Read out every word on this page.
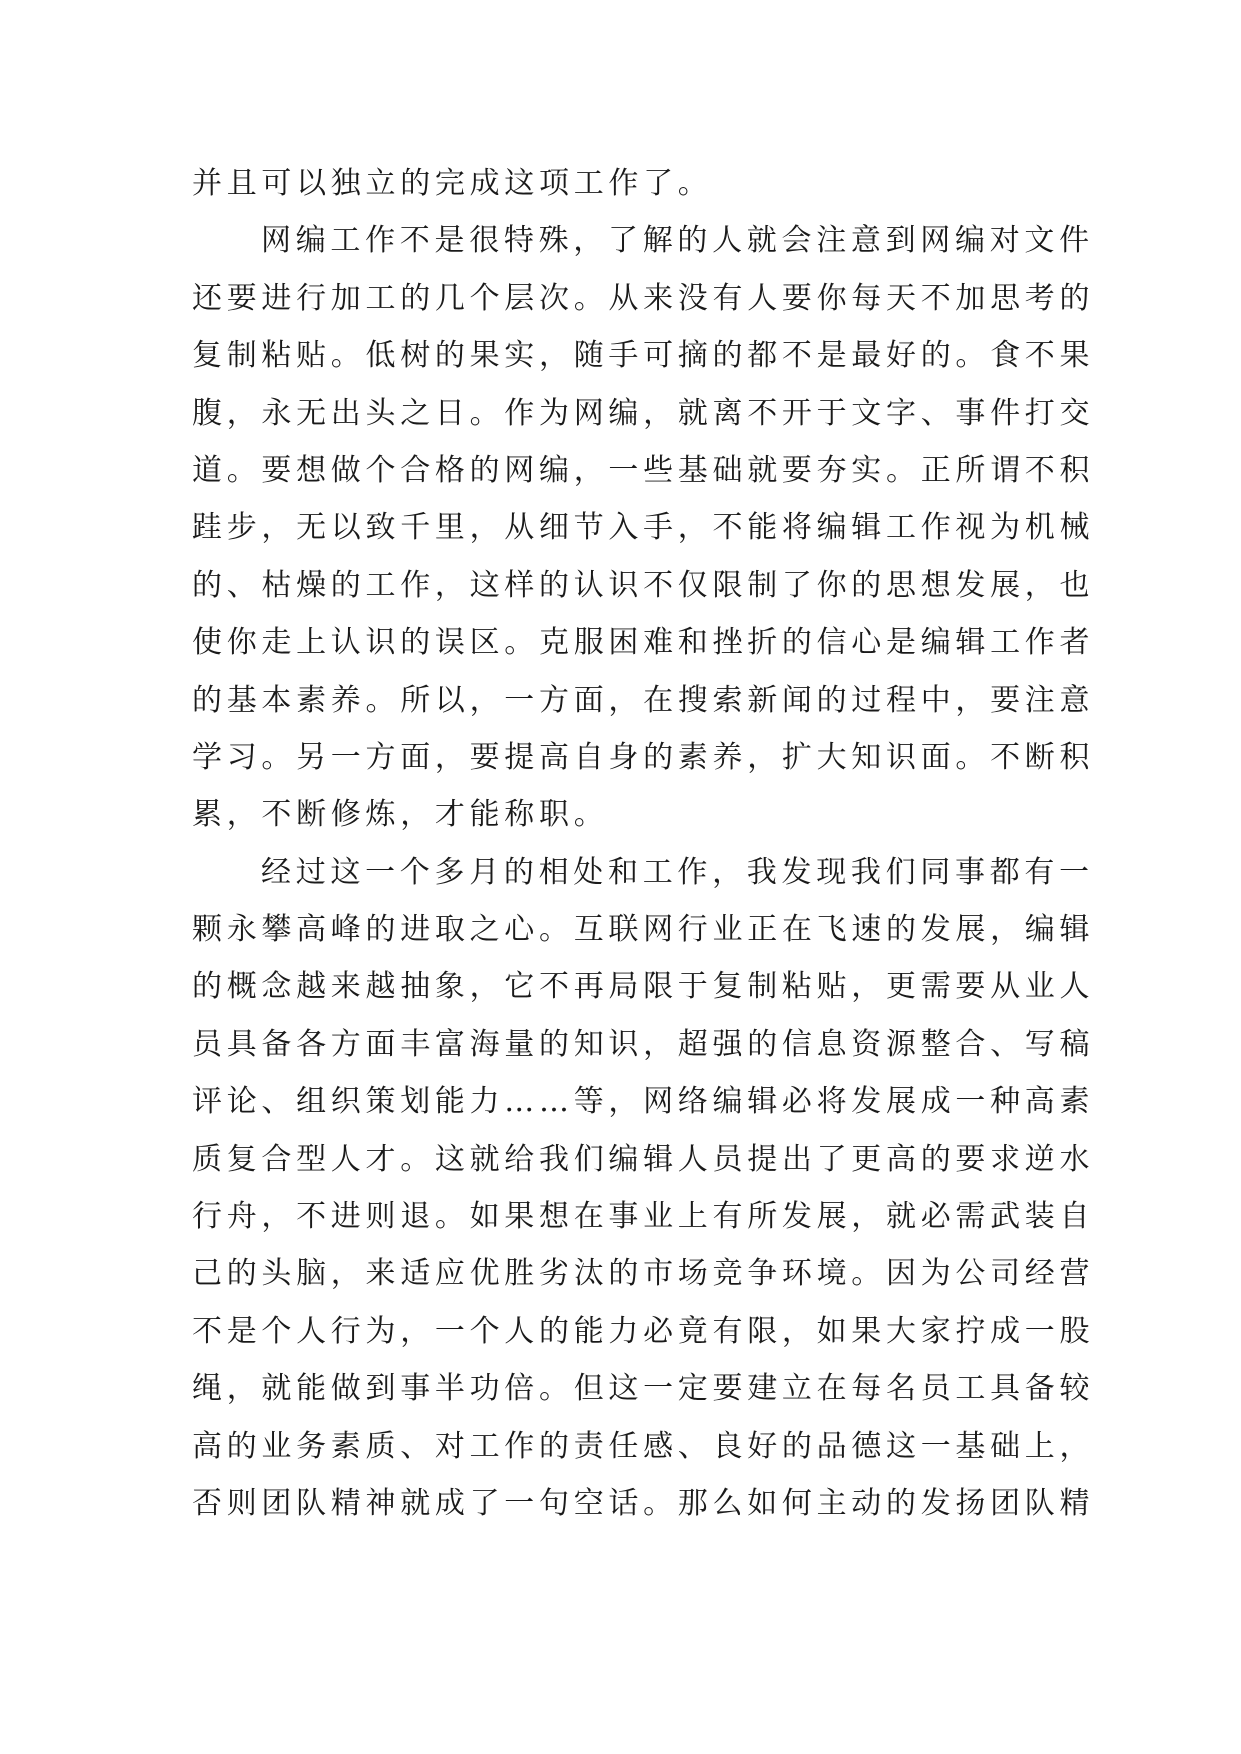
并且可以独立的完成这项工作了。
网编工作不是很特殊，了解的人就会注意到网编对文件
还要进行加工的几个层次。从来没有人要你每天不加思考的
复制粘贴。低树的果实，随手可摘的都不是最好的。食不果
腹，永无出头之日。作为网编，就离不开于文字、事件打交
道。要想做个合格的网编，一些基础就要夯实。正所谓不积
跬步，无以致千里，从细节入手，不能将编辑工作视为机械
的、枯燥的工作，这样的认识不仅限制了你的思想发展，也
使你走上认识的误区。克服困难和挫折的信心是编辑工作者
的基本素养。所以，一方面，在搜索新闻的过程中，要注意
学习。另一方面，要提高自身的素养，扩大知识面。不断积
累，不断修炼，才能称职。
经过这一个多月的相处和工作，我发现我们同事都有一
颗永攀高峰的进取之心。互联网行业正在飞速的发展，编辑
的概念越来越抽象，它不再局限于复制粘贴，更需要从业人
员具备各方面丰富海量的知识，超强的信息资源整合、写稿
评论、组织策划能力……等，网络编辑必将发展成一种高素
质复合型人才。这就给我们编辑人员提出了更高的要求逆水
行舟，不进则退。如果想在事业上有所发展，就必需武装自
己的头脑，来适应优胜劣汰的市场竞争环境。因为公司经营
不是个人行为，一个人的能力必竟有限，如果大家拧成一股
绳，就能做到事半功倍。但这一定要建立在每名员工具备较
高的业务素质、对工作的责任感、良好的品德这一基础上，
否则团队精神就成了一句空话。那么如何主动的发扬团队精
